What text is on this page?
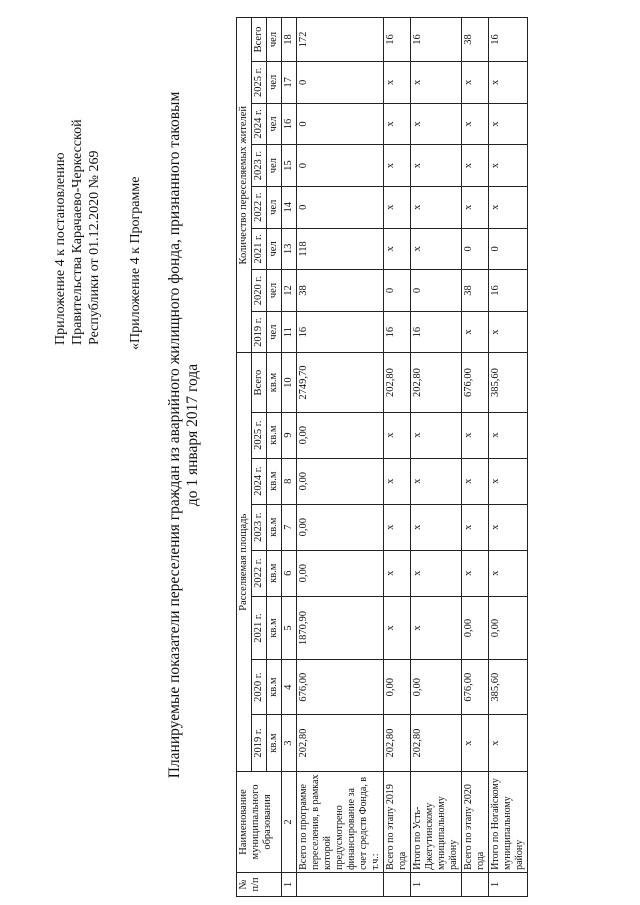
Приложение 4 к постановлению Правительства Карачаево-Черкесской Республики от 01.12.2020 № 269 «Приложение 4 к Программе Планируемые показатели переселения граждан из аварийного жилищного фонда, признанного таковым до 1 января 2017 года
№ п/п	Наименование муниципального образования	Расселяемая площадь								Количество переселяемых жителей							
		2019 г.	2020 г.	2021 г.	2022 г.	2023 г.	2024 г.	2025 г.	Всего	2019 г.	2020 г.	2021 г.	2022 г.	2023 г.	2024 г.	2025 г.	Всего
		кв.м	кв.м	кв.м	кв.м	кв.м	кв.м	кв.м	кв.м	чел	чел	чел	чел	чел	чел	чел	чел
1	2	3	4	5	6	7	8	9	10	11	12	13	14	15	16	17	18
	Всего по программе переселения, в рамках которой предусмотрено финансирование за счет средств Фонда, в т.ч.:	202,80	676,00	1870,90	0,00	0,00	0,00	0,00	2749,70	16	38	118	0	0	0	0	172
	Всего по этапу 2019 года	202,80	0,00	х	х	х	х	х	202,80	16	0	х	х	х	х	х	16
1	Итого по Усть-Джегутинскому муниципальному району	202,80	0,00	х	х	х	х	х	202,80	16	0	х	х	х	х	х	16
	Всего по этапу 2020 года	х	676,00	0,00	х	х	х	х	676,00	х	38	0	х	х	х	х	38
1	Итого по Ногайскому муниципальному району	х	385,60	0,00	х	х	х	х	385,60	х	16	0	х	х	х	х	16
